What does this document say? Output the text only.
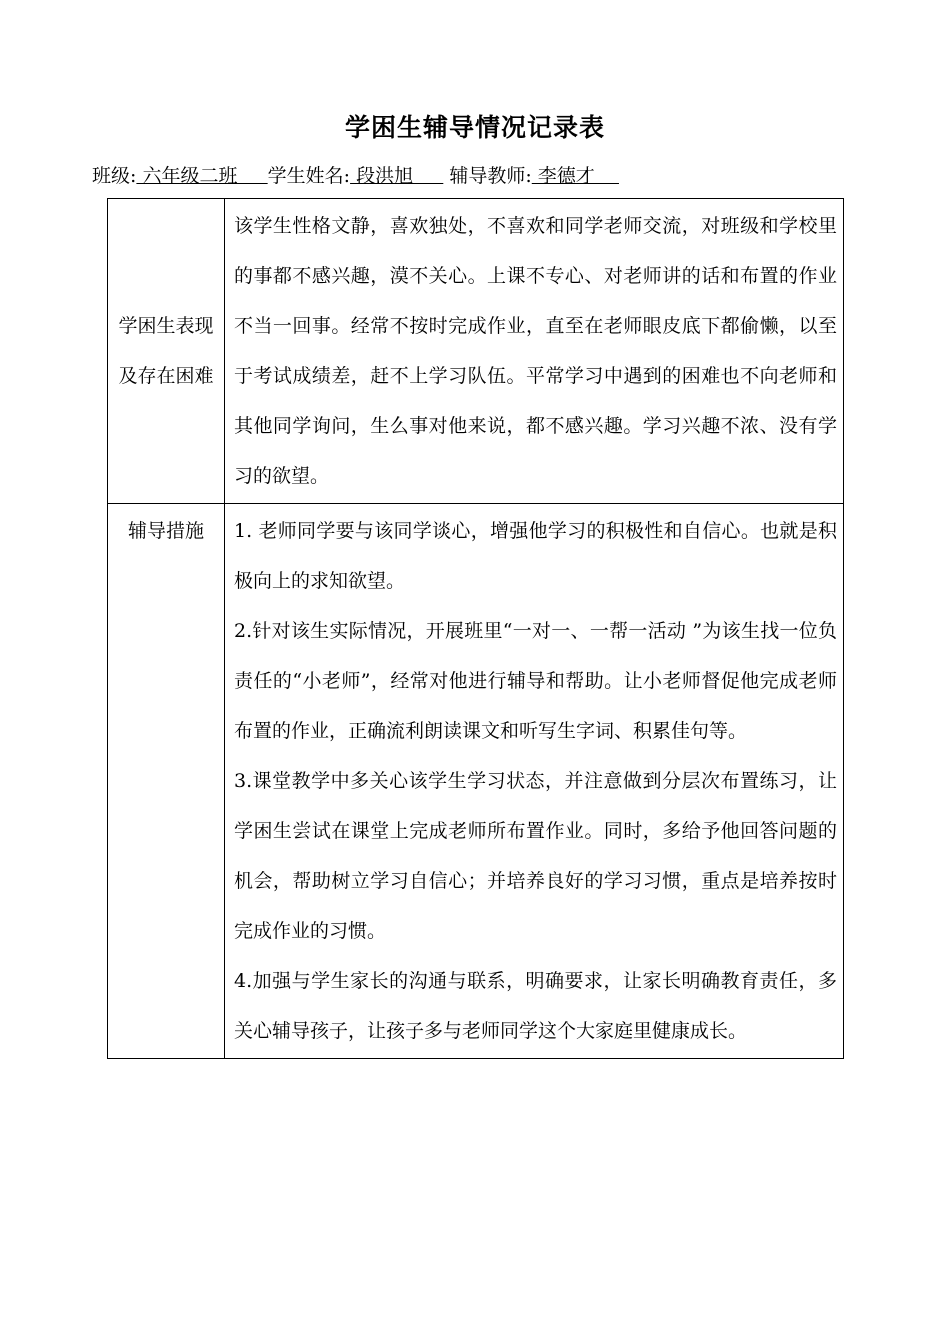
学困生辅导情况记录表
班级: 六年级二班     学生姓名: 段洪旭      辅导教师: 李德才
学困生表现及存在困难	该学生性格文静，喜欢独处，不喜欢和同学老师交流，对班级和学校里的事都不感兴趣，漠不关心。上课不专心、对老师讲的话和布置的作业不当一回事。经常不按时完成作业，直至在老师眼皮底下都偷懒，以至于考试成绩差，赶不上学习队伍。平常学习中遇到的困难也不向老师和其他同学询问，生么事对他来说，都不感兴趣。学习兴趣不浓、没有学习的欲望。

辅导措施	1. 老师同学要与该同学谈心，增强他学习的积极性和自信心。也就是积极向上的求知欲望。

2.针对该生实际情况，开展班里“一对一、一帮一活动 ”为该生找一位负责任的“小老师”，经常对他进行辅导和帮助。让小老师督促他完成老师布置的作业，正确流利朗读课文和听写生字词、积累佳句等。

3.课堂教学中多关心该学生学习状态，并注意做到分层次布置练习，让学困生尝试在课堂上完成老师所布置作业。同时，多给予他回答问题的机会，帮助树立学习自信心；并培养良好的学习习惯，重点是培养按时完成作业的习惯。

4.加强与学生家长的沟通与联系，明确要求，让家长明确教育责任，多关心辅导孩子，让孩子多与老师同学这个大家庭里健康成长。
